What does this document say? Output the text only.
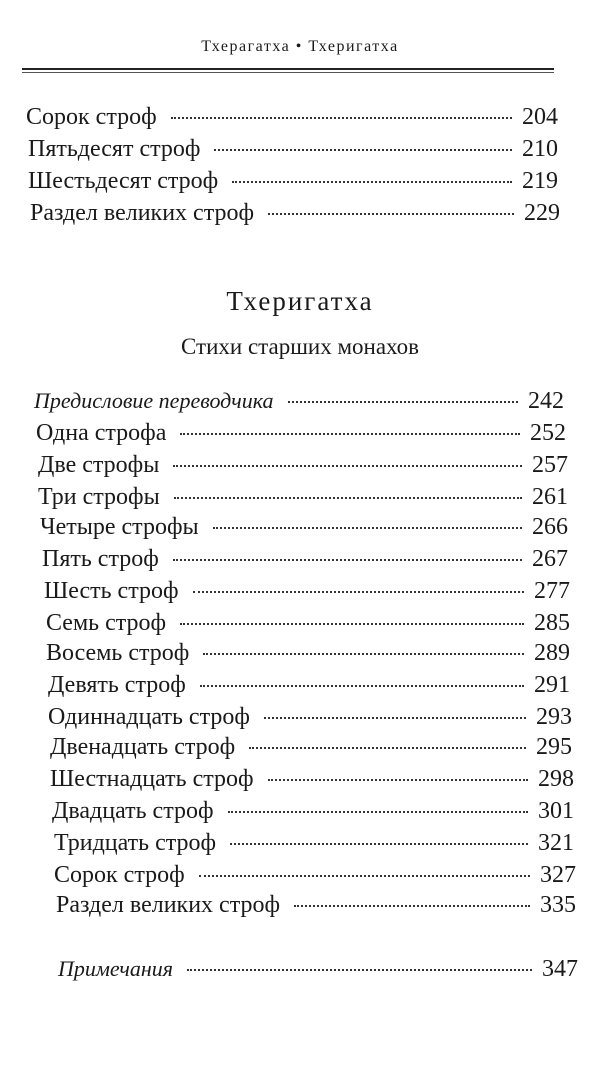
Тхерагатха • Тхеригатха
Сорок строф	204
Пятьдесят строф	210
Шестьдесят строф	219
Раздел великих строф	229
Тхеригатха
Стихи старших монахов
Предисловие переводчика	242
Одна строфа	252
Две строфы	257
Три строфы	261
Четыре строфы	266
Пять строф	267
Шесть строф	277
Семь строф	285
Восемь строф	289
Девять строф	291
Одиннадцать строф	293
Двенадцать строф	295
Шестнадцать строф	298
Двадцать строф	301
Тридцать строф	321
Сорок строф	327
Раздел великих строф	335
Примечания	347
